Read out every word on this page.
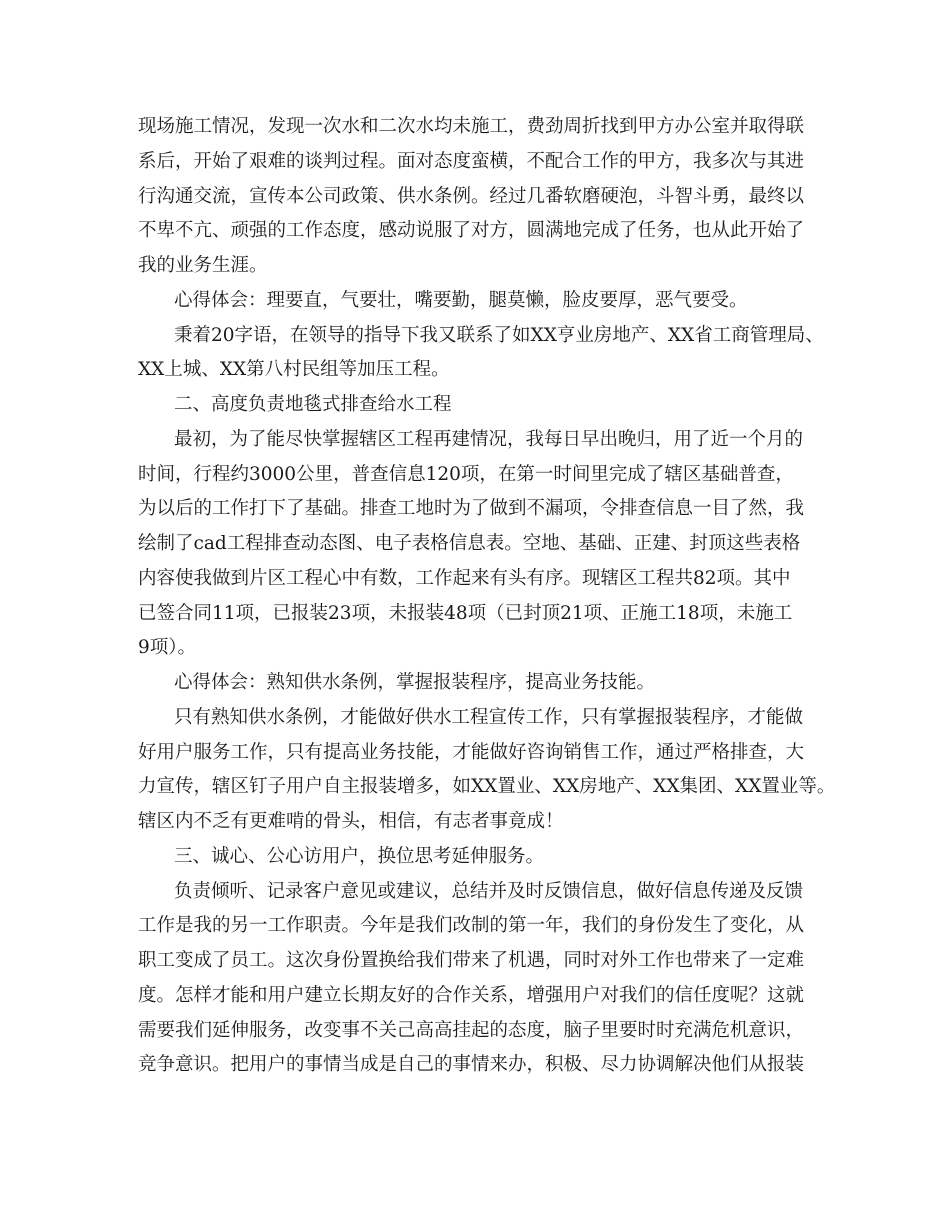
现场施工情况，发现一次水和二次水均未施工，费劲周折找到甲方办公室并取得联
系后，开始了艰难的谈判过程。面对态度蛮横，不配合工作的甲方，我多次与其进
行沟通交流，宣传本公司政策、供水条例。经过几番软磨硬泡，斗智斗勇，最终以
不卑不亢、顽强的工作态度，感动说服了对方，圆满地完成了任务，也从此开始了
我的业务生涯。
心得体会：理要直，气要壮，嘴要勤，腿莫懒，脸皮要厚，恶气要受。
秉着20字语，在领导的指导下我又联系了如XX亨业房地产、XX省工商管理局、
XX上城、XX第八村民组等加压工程。
二、高度负责地毯式排查给水工程
最初，为了能尽快掌握辖区工程再建情况，我每日早出晚归，用了近一个月的
时间，行程约3000公里，普查信息120项，在第一时间里完成了辖区基础普查，
为以后的工作打下了基础。排查工地时为了做到不漏项，令排查信息一目了然，我
绘制了cad工程排查动态图、电子表格信息表。空地、基础、正建、封顶这些表格
内容使我做到片区工程心中有数，工作起来有头有序。现辖区工程共82项。其中
已签合同11项，已报装23项，未报装48项（已封顶21项、正施工18项，未施工
9项）。
心得体会：熟知供水条例，掌握报装程序，提高业务技能。
只有熟知供水条例，才能做好供水工程宣传工作，只有掌握报装程序，才能做
好用户服务工作，只有提高业务技能，才能做好咨询销售工作，通过严格排查，大
力宣传，辖区钉子用户自主报装增多，如XX置业、XX房地产、XX集团、XX置业等。
辖区内不乏有更难啃的骨头，相信，有志者事竟成！
三、诚心、公心访用户，换位思考延伸服务。
负责倾听、记录客户意见或建议，总结并及时反馈信息，做好信息传递及反馈
工作是我的另一工作职责。今年是我们改制的第一年，我们的身份发生了变化，从
职工变成了员工。这次身份置换给我们带来了机遇，同时对外工作也带来了一定难
度。怎样才能和用户建立长期友好的合作关系，增强用户对我们的信任度呢？这就
需要我们延伸服务，改变事不关己高高挂起的态度，脑子里要时时充满危机意识，
竞争意识。把用户的事情当成是自己的事情来办，积极、尽力协调解决他们从报装
